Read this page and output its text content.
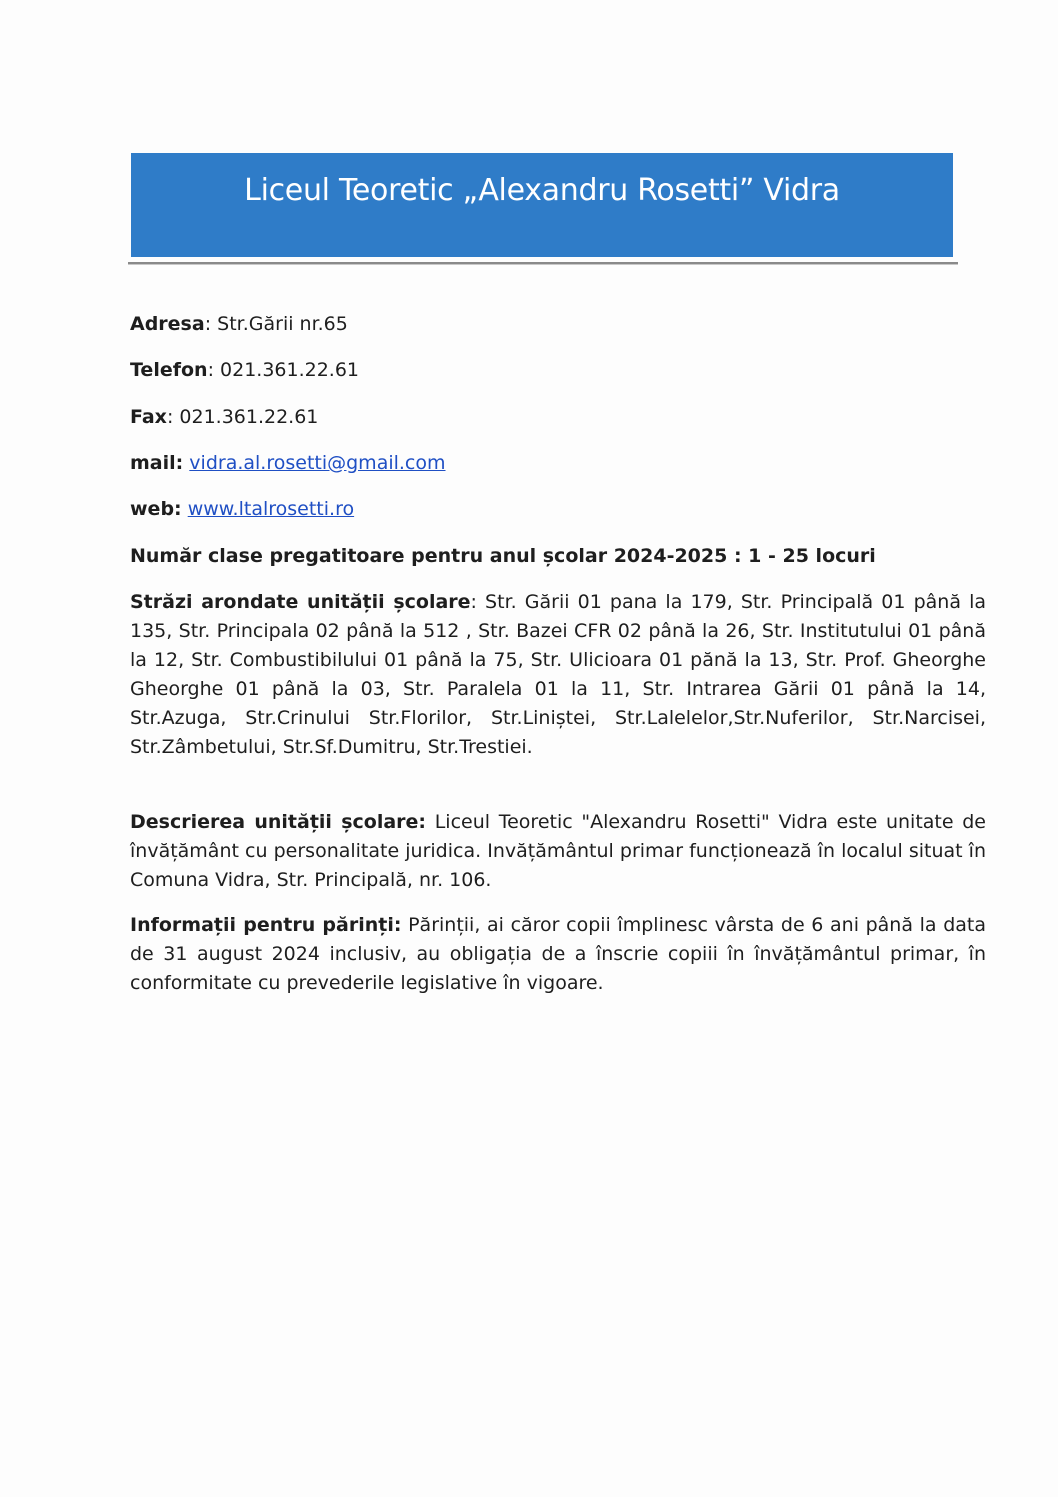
Liceul Teoretic „Alexandru Rosetti” Vidra
Adresa: Str.Gării nr.65
Telefon: 021.361.22.61
Fax: 021.361.22.61
mail: vidra.al.rosetti@gmail.com
web: www.ltalrosetti.ro
Număr clase pregatitoare pentru anul școlar 2024-2025 : 1 - 25 locuri
Străzi arondate unității școlare: Str. Gării 01 pana la 179, Str. Principală 01 până la 135, Str. Principala 02 până la 512 , Str. Bazei CFR 02 până la 26, Str. Institutului 01 până la 12, Str. Combustibilului 01 până la 75, Str. Ulicioara 01 pănă la 13, Str. Prof. Gheorghe Gheorghe 01 până la 03, Str. Paralela 01 la 11, Str. Intrarea Gării 01 până la 14, Str.Azuga, Str.Crinului Str.Florilor, Str.Liniștei, Str.Lalelelor,Str.Nuferilor, Str.Narcisei, Str.Zâmbetului, Str.Sf.Dumitru, Str.Trestiei.
Descrierea unității școlare: Liceul Teoretic "Alexandru Rosetti" Vidra este unitate de învățământ cu personalitate juridica. Invățământul primar funcționează în localul situat în Comuna Vidra, Str. Principală, nr. 106.
Informații pentru părinți: Părinții, ai căror copii împlinesc vârsta de 6 ani până la data de 31 august 2024 inclusiv, au obligația de a înscrie copiii în învățământul primar, în conformitate cu prevederile legislative în vigoare.
